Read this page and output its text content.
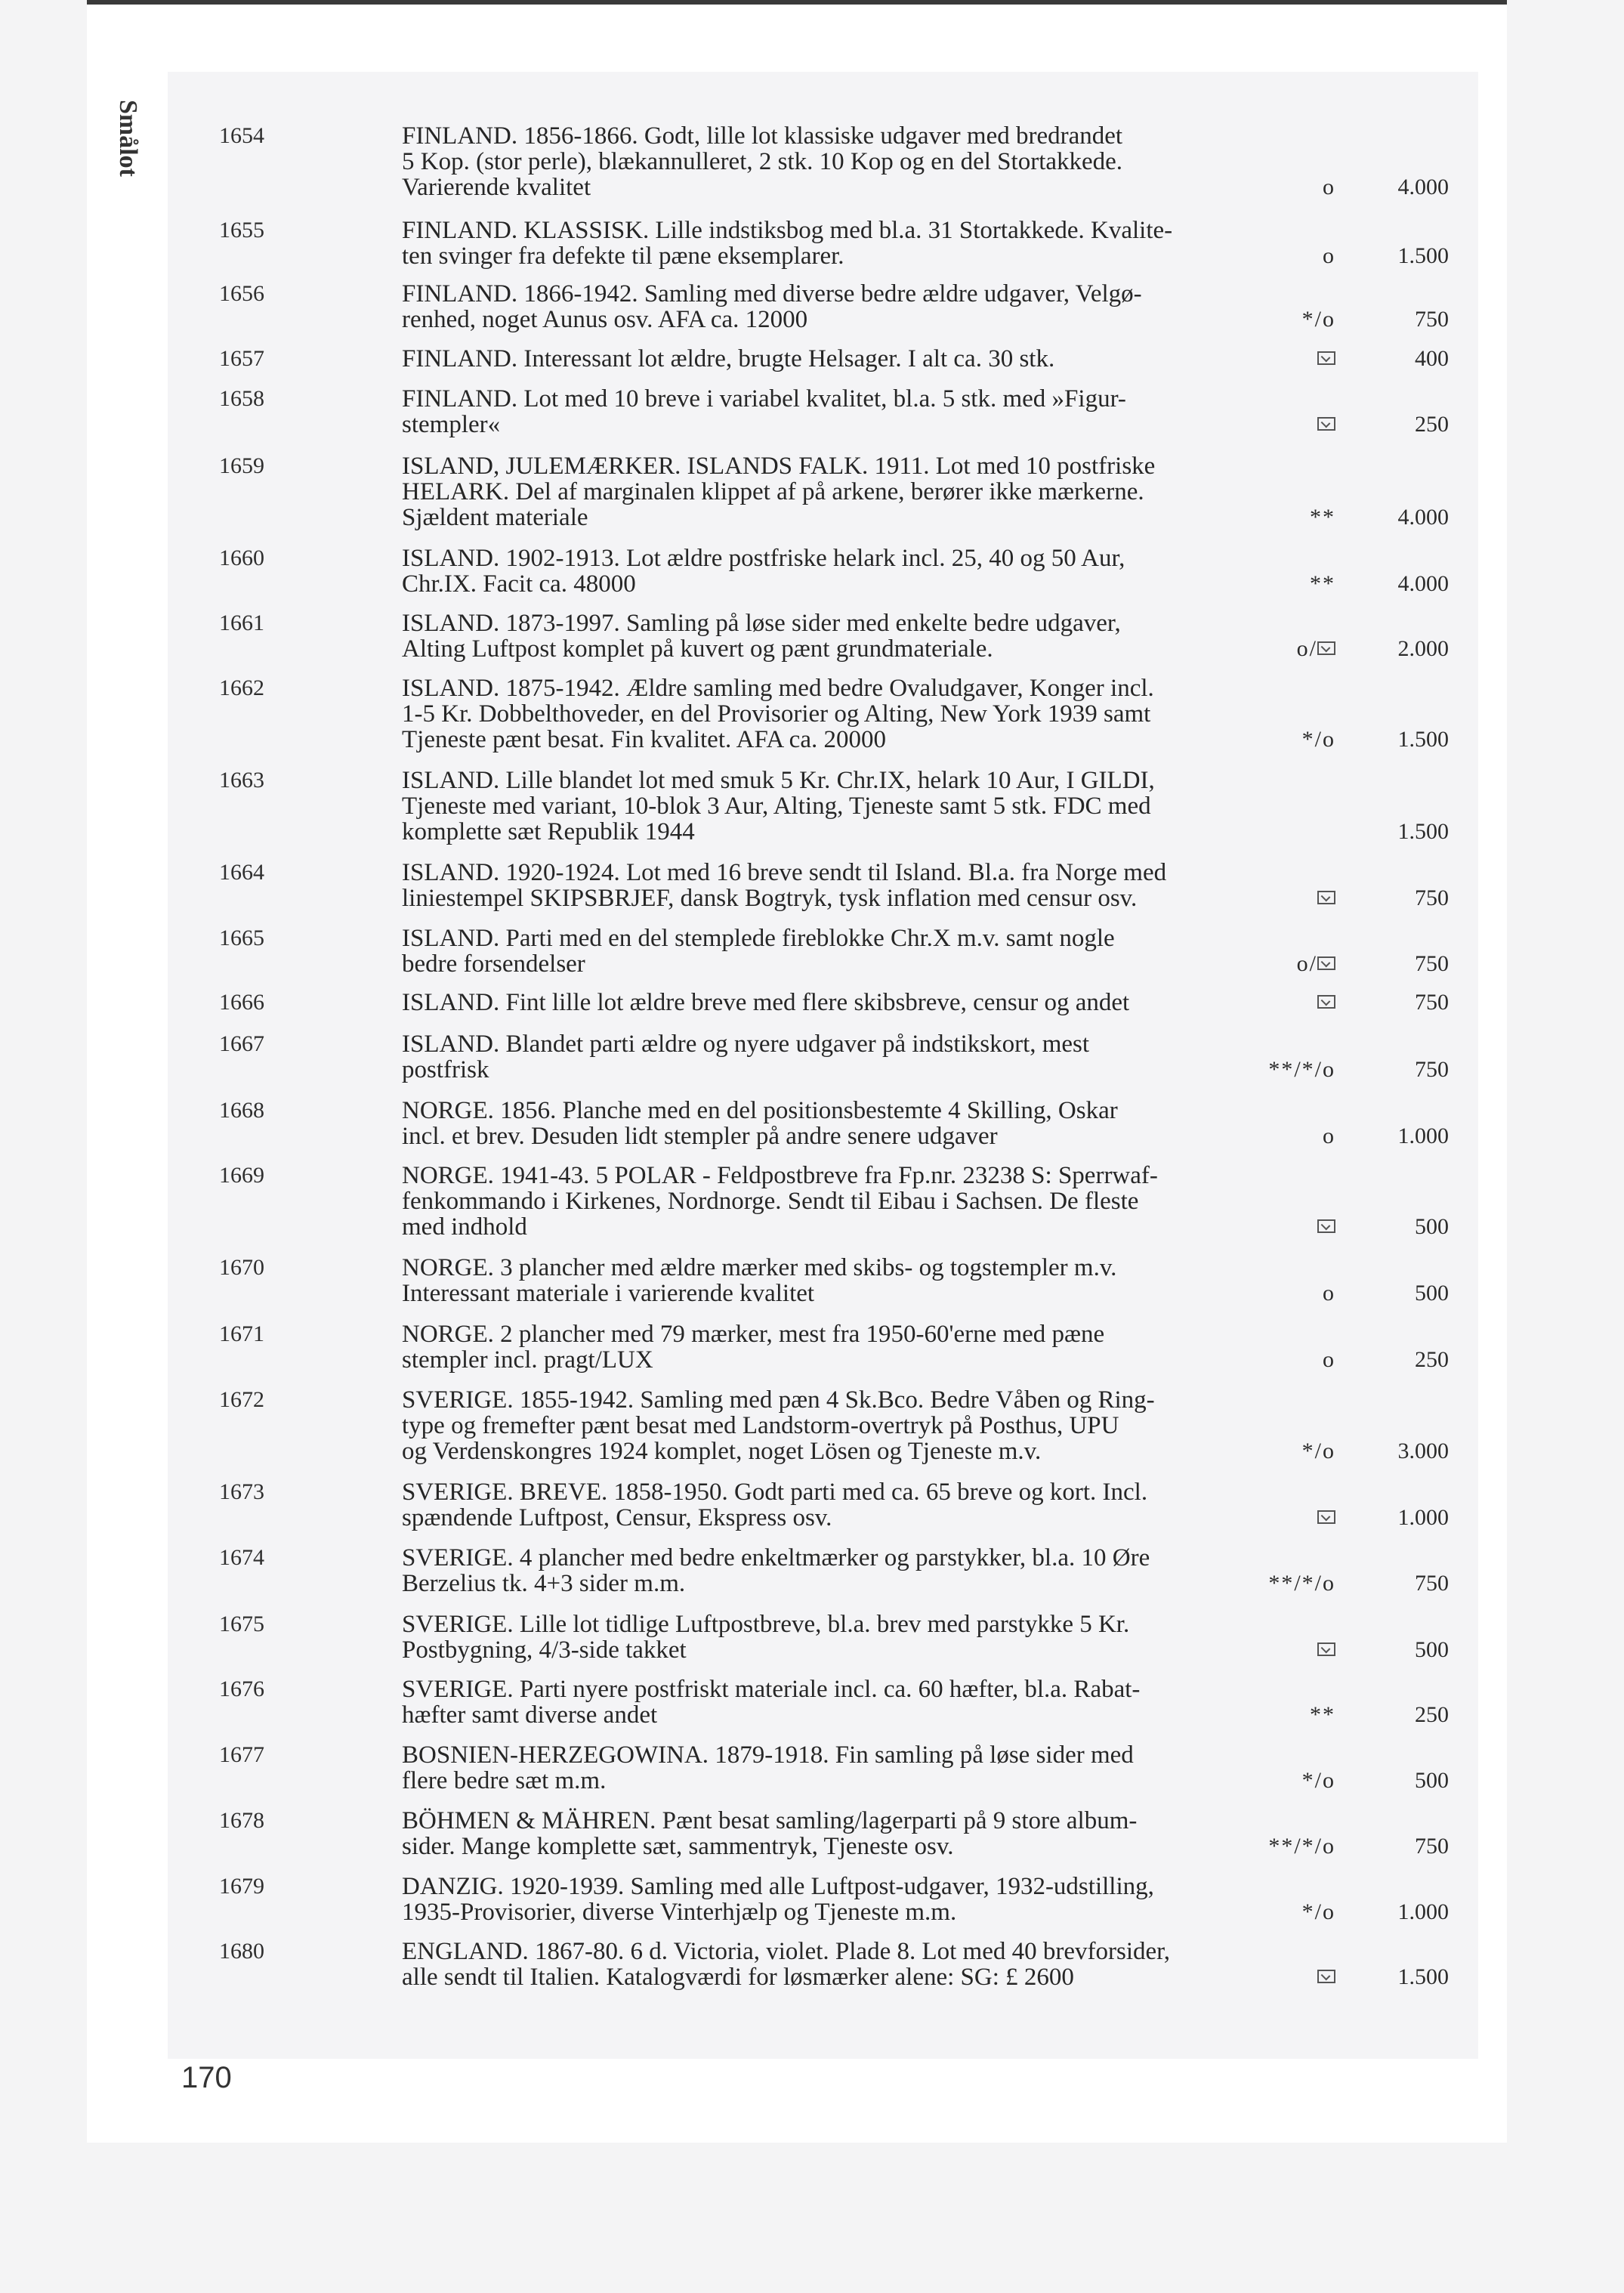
Smålot	1654	FINLAND. 1856-1866. Godt, lille lot klassiske udgaver med bredrandet
5 Kop. (stor perle), blækannulleret, 2 stk. 10 Kop og en del Stortakkede.
Varierende kvalitet	o	4.000
1655	FINLAND. KLASSISK. Lille indstiksbog med bl.a. 31 Stortakkede. Kvalite-
ten svinger fra defekte til pæne eksemplarer.	o	1.500
1656	FINLAND. 1866-1942. Samling med diverse bedre ældre udgaver, Velgø-
renhed, noget Aunus osv. AFA ca. 12000	*/o	750
1657	FINLAND. Interessant lot ældre, brugte Helsager. I alt ca. 30 stk.	400
1658	FINLAND. Lot med 10 breve i variabel kvalitet, bl.a. 5 stk. med »Figur-
stempler«	250
1659	ISLAND, JULEMÆRKER. ISLANDS FALK. 1911. Lot med 10 postfriske
HELARK. Del af marginalen klippet af på arkene, berører ikke mærkerne.
Sjældent materiale	**	4.000
1660	ISLAND. 1902-1913. Lot ældre postfriske helark incl. 25, 40 og 50 Aur,
Chr.IX. Facit ca. 48000	**	4.000
1661	ISLAND. 1873-1997. Samling på løse sider med enkelte bedre udgaver,
Alting Luftpost komplet på kuvert og pænt grundmateriale.	o/	2.000
1662	ISLAND. 1875-1942. Ældre samling med bedre Ovaludgaver, Konger incl.
1-5 Kr. Dobbelthoveder, en del Provisorier og Alting, New York 1939 samt
Tjeneste pænt besat. Fin kvalitet. AFA ca. 20000	*/o	1.500
1663	ISLAND. Lille blandet lot med smuk 5 Kr. Chr.IX, helark 10 Aur, I GILDI,
Tjeneste med variant, 10-blok 3 Aur, Alting, Tjeneste samt 5 stk. FDC med
komplette sæt Republik 1944	1.500
1664	ISLAND. 1920-1924. Lot med 16 breve sendt til Island. Bl.a. fra Norge med
liniestempel SKIPSBRJEF, dansk Bogtryk, tysk inflation med censur osv.	750
1665	ISLAND. Parti med en del stemplede fireblokke Chr.X m.v. samt nogle
bedre forsendelser	o/	750
1666	ISLAND. Fint lille lot ældre breve med flere skibsbreve, censur og andet	750
1667	ISLAND. Blandet parti ældre og nyere udgaver på indstikskort, mest
postfrisk	**/*/o	750
1668	NORGE. 1856. Planche med en del positionsbestemte 4 Skilling, Oskar
incl. et brev. Desuden lidt stempler på andre senere udgaver	o	1.000
1669	NORGE. 1941-43. 5 POLAR - Feldpostbreve fra Fp.nr. 23238 S: Sperrwaf-
fenkommando i Kirkenes, Nordnorge. Sendt til Eibau i Sachsen. De fleste
med indhold	500
1670	NORGE. 3 plancher med ældre mærker med skibs- og togstempler m.v.
Interessant materiale i varierende kvalitet	o	500
1671	NORGE. 2 plancher med 79 mærker, mest fra 1950-60'erne med pæne
stempler incl. pragt/LUX	o	250
1672	SVERIGE. 1855-1942. Samling med pæn 4 Sk.Bco. Bedre Våben og Ring-
type og fremefter pænt besat med Landstorm-overtryk på Posthus, UPU
og Verdenskongres 1924 komplet, noget Lösen og Tjeneste m.v.	*/o	3.000
1673	SVERIGE. BREVE. 1858-1950. Godt parti med ca. 65 breve og kort. Incl.
spændende Luftpost, Censur, Ekspress osv.	1.000
1674	SVERIGE. 4 plancher med bedre enkeltmærker og parstykker, bl.a. 10 Øre
Berzelius tk. 4+3 sider m.m.	**/*/o	750
1675	SVERIGE. Lille lot tidlige Luftpostbreve, bl.a. brev med parstykke 5 Kr.
Postbygning, 4/3-side takket	500
1676	SVERIGE. Parti nyere postfriskt materiale incl. ca. 60 hæfter, bl.a. Rabat-
hæfter samt diverse andet	**	250
1677	BOSNIEN-HERZEGOWINA. 1879-1918. Fin samling på løse sider med
flere bedre sæt m.m.	*/o	500
1678	BÖHMEN & MÄHREN. Pænt besat samling/lagerparti på 9 store album-
sider. Mange komplette sæt, sammentryk, Tjeneste osv.	**/*/o	750
1679	DANZIG. 1920-1939. Samling med alle Luftpost-udgaver, 1932-udstilling,
1935-Provisorier, diverse Vinterhjælp og Tjeneste m.m.	*/o	1.000
1680	ENGLAND. 1867-80. 6 d. Victoria, violet. Plade 8. Lot med 40 brevforsider,
alle sendt til Italien. Katalogværdi for løsmærker alene: SG: £ 2600	1.500
170
